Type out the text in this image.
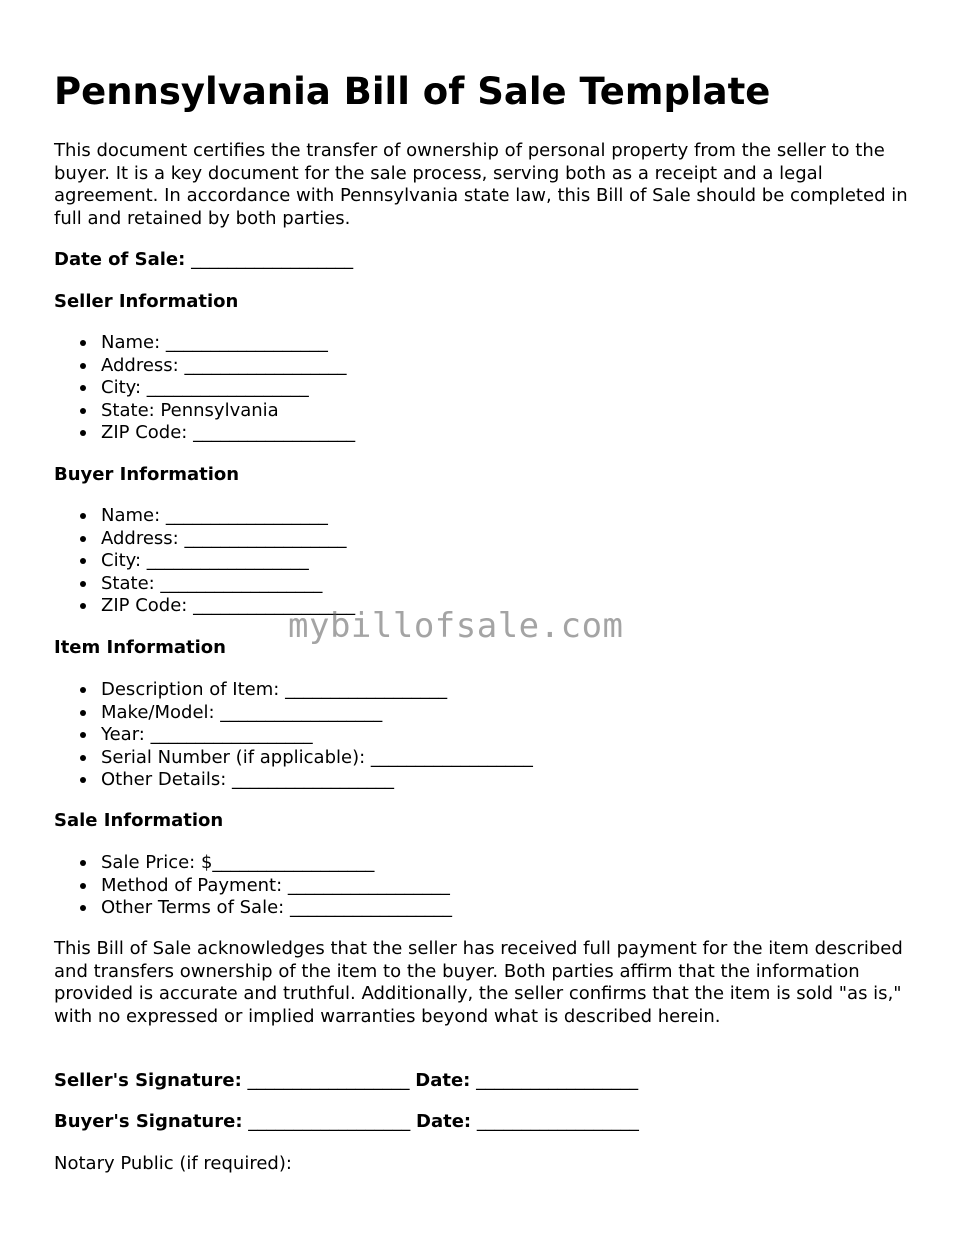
Pennsylvania Bill of Sale Template

This document certifies the transfer of ownership of personal property from the seller to the buyer. It is a key document for the sale process, serving both as a receipt and a legal agreement. In accordance with Pennsylvania state law, this Bill of Sale should be completed in full and retained by both parties.

Date of Sale: __________________

Seller Information

Name: __________________
Address: __________________
City: __________________
State: Pennsylvania
ZIP Code: __________________

Buyer Information

Name: __________________
Address: __________________
City: __________________
State: __________________
ZIP Code: __________________

Item Information

Description of Item: __________________
Make/Model: __________________
Year: __________________
Serial Number (if applicable): __________________
Other Details: __________________

Sale Information

Sale Price: $__________________
Method of Payment: __________________
Other Terms of Sale: __________________

This Bill of Sale acknowledges that the seller has received full payment for the item described and transfers ownership of the item to the buyer. Both parties affirm that the information provided is accurate and truthful. Additionally, the seller confirms that the item is sold "as is," with no expressed or implied warranties beyond what is described herein.

Seller's Signature: __________________ Date: __________________

Buyer's Signature: __________________ Date: __________________

Notary Public (if required):

mybillofsale.com
